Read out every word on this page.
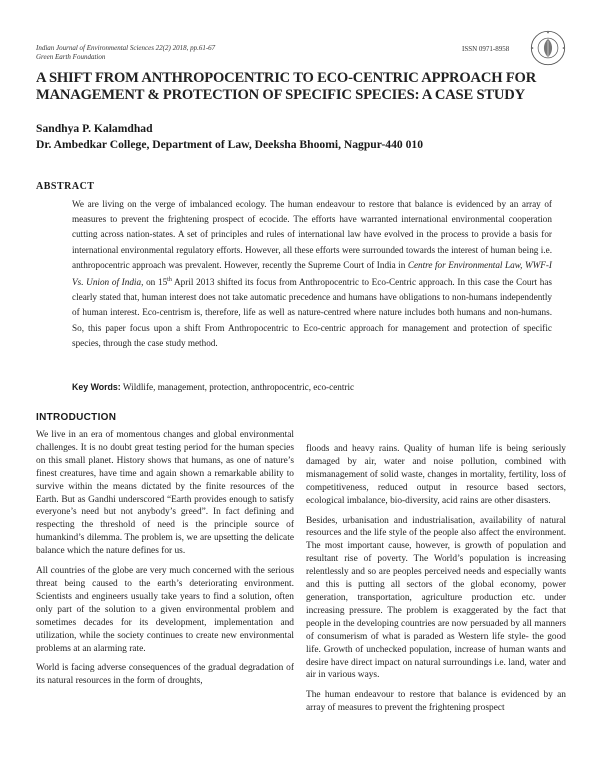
Indian Journal of Environmental Sciences 22(2) 2018, pp.61-67
Green Earth Foundation
ISSN 0971-8958
A SHIFT FROM ANTHROPOCENTRIC TO ECO-CENTRIC APPROACH FOR MANAGEMENT & PROTECTION OF SPECIFIC SPECIES: A CASE STUDY
Sandhya P. Kalamdhad
Dr. Ambedkar College, Department of Law, Deeksha Bhoomi, Nagpur-440 010
ABSTRACT
We are living on the verge of imbalanced ecology. The human endeavour to restore that balance is evidenced by an array of measures to prevent the frightening prospect of ecocide. The efforts have warranted international environmental cooperation cutting across nation-states. A set of principles and rules of international law have evolved in the process to provide a basis for international environmental regulatory efforts. However, all these efforts were surrounded towards the interest of human being i.e. anthropocentric approach was prevalent. However, recently the Supreme Court of India in Centre for Environmental Law, WWF-I Vs. Union of India, on 15th April 2013 shifted its focus from Anthropocentric to Eco-Centric approach. In this case the Court has clearly stated that, human interest does not take automatic precedence and humans have obligations to non-humans independently of human interest. Eco-centrism is, therefore, life as well as nature-centred where nature includes both humans and non-humans. So, this paper focus upon a shift From Anthropocentric to Eco-centric approach for management and protection of specific species, through the case study method.
Key Words: Wildlife, management, protection, anthropocentric, eco-centric
INTRODUCTION

We live in an era of momentous changes and global environmental challenges. It is no doubt great testing period for the human species on this small planet. History shows that humans, as one of nature’s finest creatures, have time and again shown a remarkable ability to survive within the means dictated by the finite resources of the Earth. But as Gandhi underscored “Earth provides enough to satisfy everyone’s need but not anybody’s greed”. In fact defining and respecting the threshold of need is the principle source of humankind’s dilemma. The problem is, we are upsetting the delicate balance which the nature defines for us.

All countries of the globe are very much concerned with the serious threat being caused to the earth’s deteriorating environment. Scientists and engineers usually take years to find a solution, often only part of the solution to a given environmental problem and sometimes decades for its development, implementation and utilization, while the society continues to create new environmental problems at an alarming rate.

World is facing adverse consequences of the gradual degradation of its natural resources in the form of droughts,

floods and heavy rains. Quality of human life is being seriously damaged by air, water and noise pollution, combined with mismanagement of solid waste, changes in mortality, fertility, loss of competitiveness, reduced output in resource based sectors, ecological imbalance, bio-diversity, acid rains are other disasters.

Besides, urbanisation and industrialisation, availability of natural resources and the life style of the people also affect the environment. The most important cause, however, is growth of population and resultant rise of poverty. The World’s population is increasing relentlessly and so are peoples perceived needs and especially wants and this is putting all sectors of the global economy, power generation, transportation, agriculture production etc. under increasing pressure. The problem is exaggerated by the fact that people in the developing countries are now persuaded by all manners of consumerism of what is paraded as Western life style- the good life. Growth of unchecked population, increase of human wants and desire have direct impact on natural surroundings i.e. land, water and air in various ways.

The human endeavour to restore that balance is evidenced by an array of measures to prevent the frightening prospect
